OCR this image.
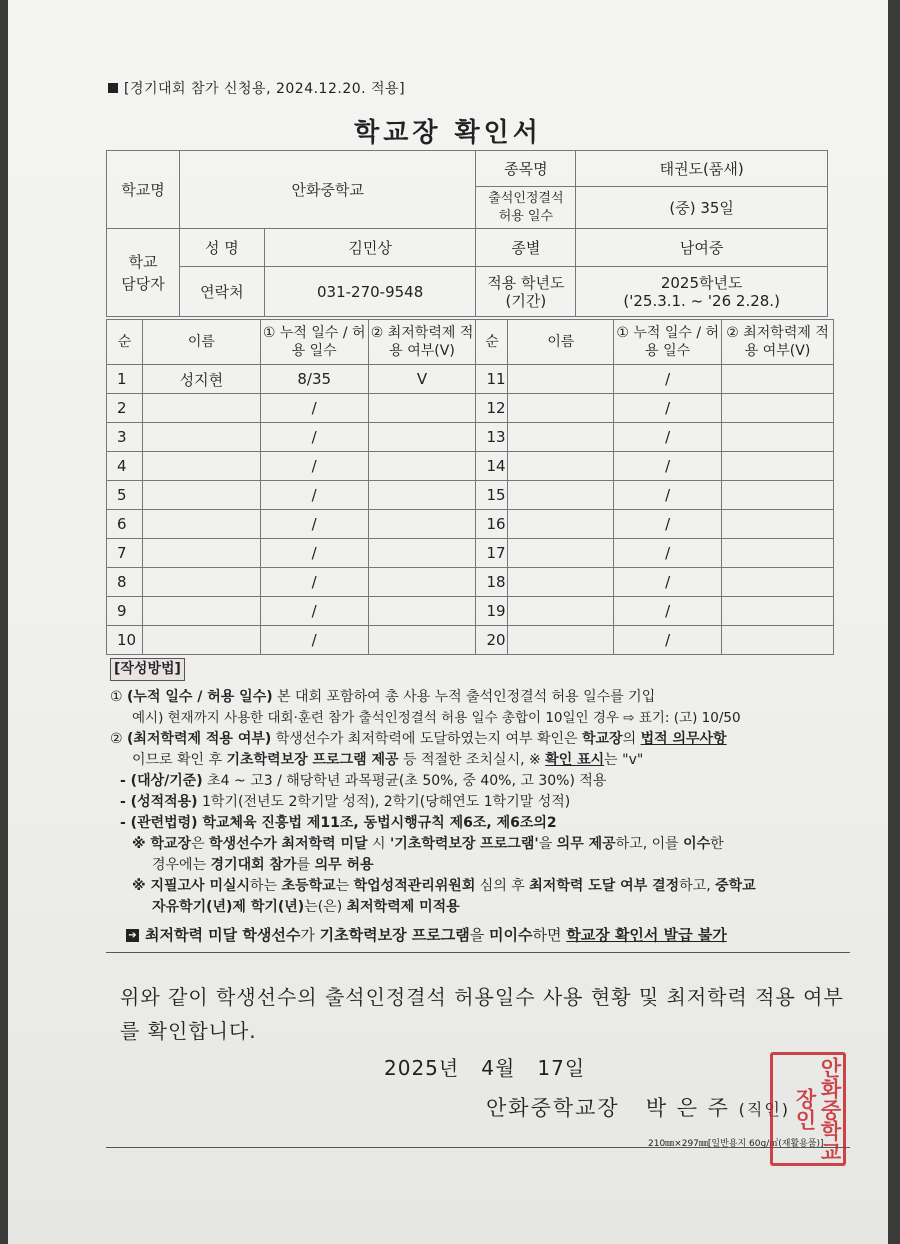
[경기대회 참가 신청용, 2024.12.20. 적용]
학교장 확인서
학교명	안화중학교		종목명	태권도(품새)
			출석인정결석 허용 일수	(중) 35일
학교 담당자	성 명	김민상	종별	남여중
	연락처	031-270-9548	적용 학년도 (기간)	2025학년도
('25.3.1. ~ '26 2.28.)
순	이름	① 누적 일수 / 허용 일수	② 최저학력제 적용 여부(V)	순	이름	① 누적 일수 / 허용 일수	② 최저학력제 적용 여부(V)
1	성지현	8/35	V	11		/	
2		/		12		/	
3		/		13		/	
4		/		14		/	
5		/		15		/	
6		/		16		/	
7		/		17		/	
8		/		18		/	
9		/		19		/	
10		/		20		/	
[작성방법]
① (누적 일수 / 허용 일수) 본 대회 포함하여 총 사용 누적 출석인정결석 허용 일수를 기입
예시) 현재까지 사용한 대회·훈련 참가 출석인정결석 허용 일수 총합이 10일인 경우 ⇨ 표기: (고) 10/50
② (최저학력제 적용 여부) 학생선수가 최저학력에 도달하였는지 여부 확인은 학교장의 법적 의무사항
이므로 확인 후 기초학력보장 프로그램 제공 등 적절한 조치실시, ※ 확인 표시는 "v"
- (대상/기준) 초4 ~ 고3 / 해당학년 과목평균(초 50%, 중 40%, 고 30%) 적용
- (성적적용) 1학기(전년도 2학기말 성적), 2학기(당해연도 1학기말 성적)
- (관련법령) 학교체육 진흥법 제11조, 동법시행규칙 제6조, 제6조의2
※ 학교장은 학생선수가 최저학력 미달 시 '기초학력보장 프로그램'을 의무 제공하고, 이를 이수한
경우에는 경기대회 참가를 의무 허용
※ 지필고사 미실시하는 초등학교는 학업성적관리위원회 심의 후 최저학력 도달 여부 결정하고, 중학교
자유학기(년)제 학기(년)는(은) 최저학력제 미적용
➔ 최저학력 미달 학생선수가 기초학력보장 프로그램을 미이수하면 학교장 확인서 발급 불가
위와 같이 학생선수의 출석인정결석 허용일수 사용 현황 및 최저학력 적용 여부를 확인합니다.
2025년   4월   17일
안화중학교장   박 은 주 (직인)
210㎜×297㎜[일반용지 60g/㎡(재활용품)]
안화중학교장인
